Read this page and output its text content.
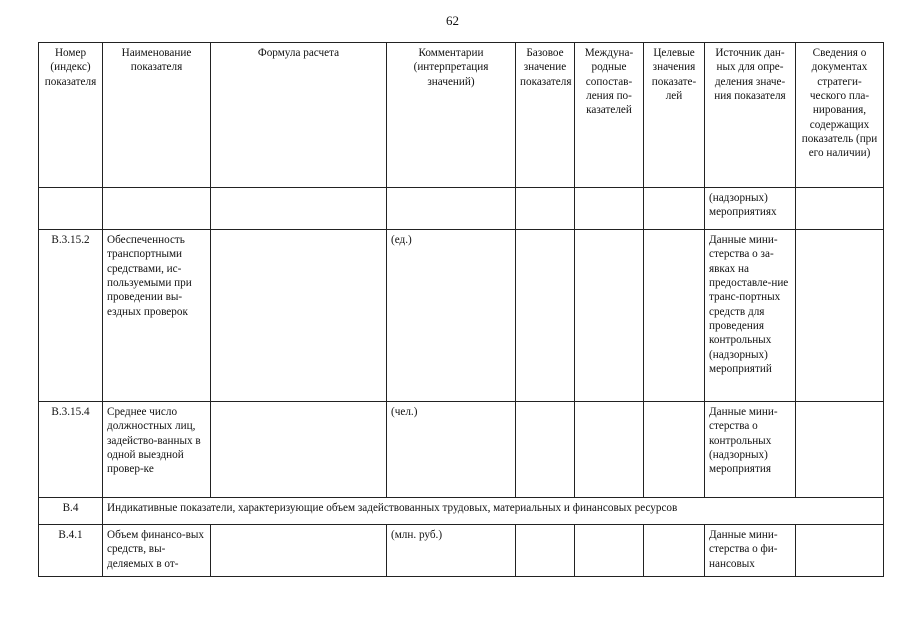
62
Номер (индекс) показателя	Наименование показателя	Формула расчета	Комментарии (интерпретация значений)	Базовое значение показателя	Междуна-родные сопостав-ления по-казателей	Целевые значения показате-лей	Источник дан-ных для опре-деления значе-ния показателя	Сведения о документах стратеги-ческого пла-нирования, содержащих показатель (при его наличии)
							(надзорных) мероприятиях	
B.3.15.2	Обеспеченность транспортными средствами, ис-пользуемыми при проведении вы-ездных проверок		(ед.)				Данные мини-стерства о за-явках на предоставле-ние транс-портных средств для проведения контрольных (надзорных) мероприятий	
B.3.15.4	Среднее число должностных лиц, задейство-ванных в одной выездной провер-ке		(чел.)				Данные мини-стерства о контрольных (надзорных) мероприятия	
B.4	Индикативные показатели, характеризующие объем задействованных трудовых, материальных и финансовых ресурсов							
B.4.1	Объем финансо-вых средств, вы-деляемых в от-		(млн. руб.)				Данные мини-стерства о фи-нансовых	
